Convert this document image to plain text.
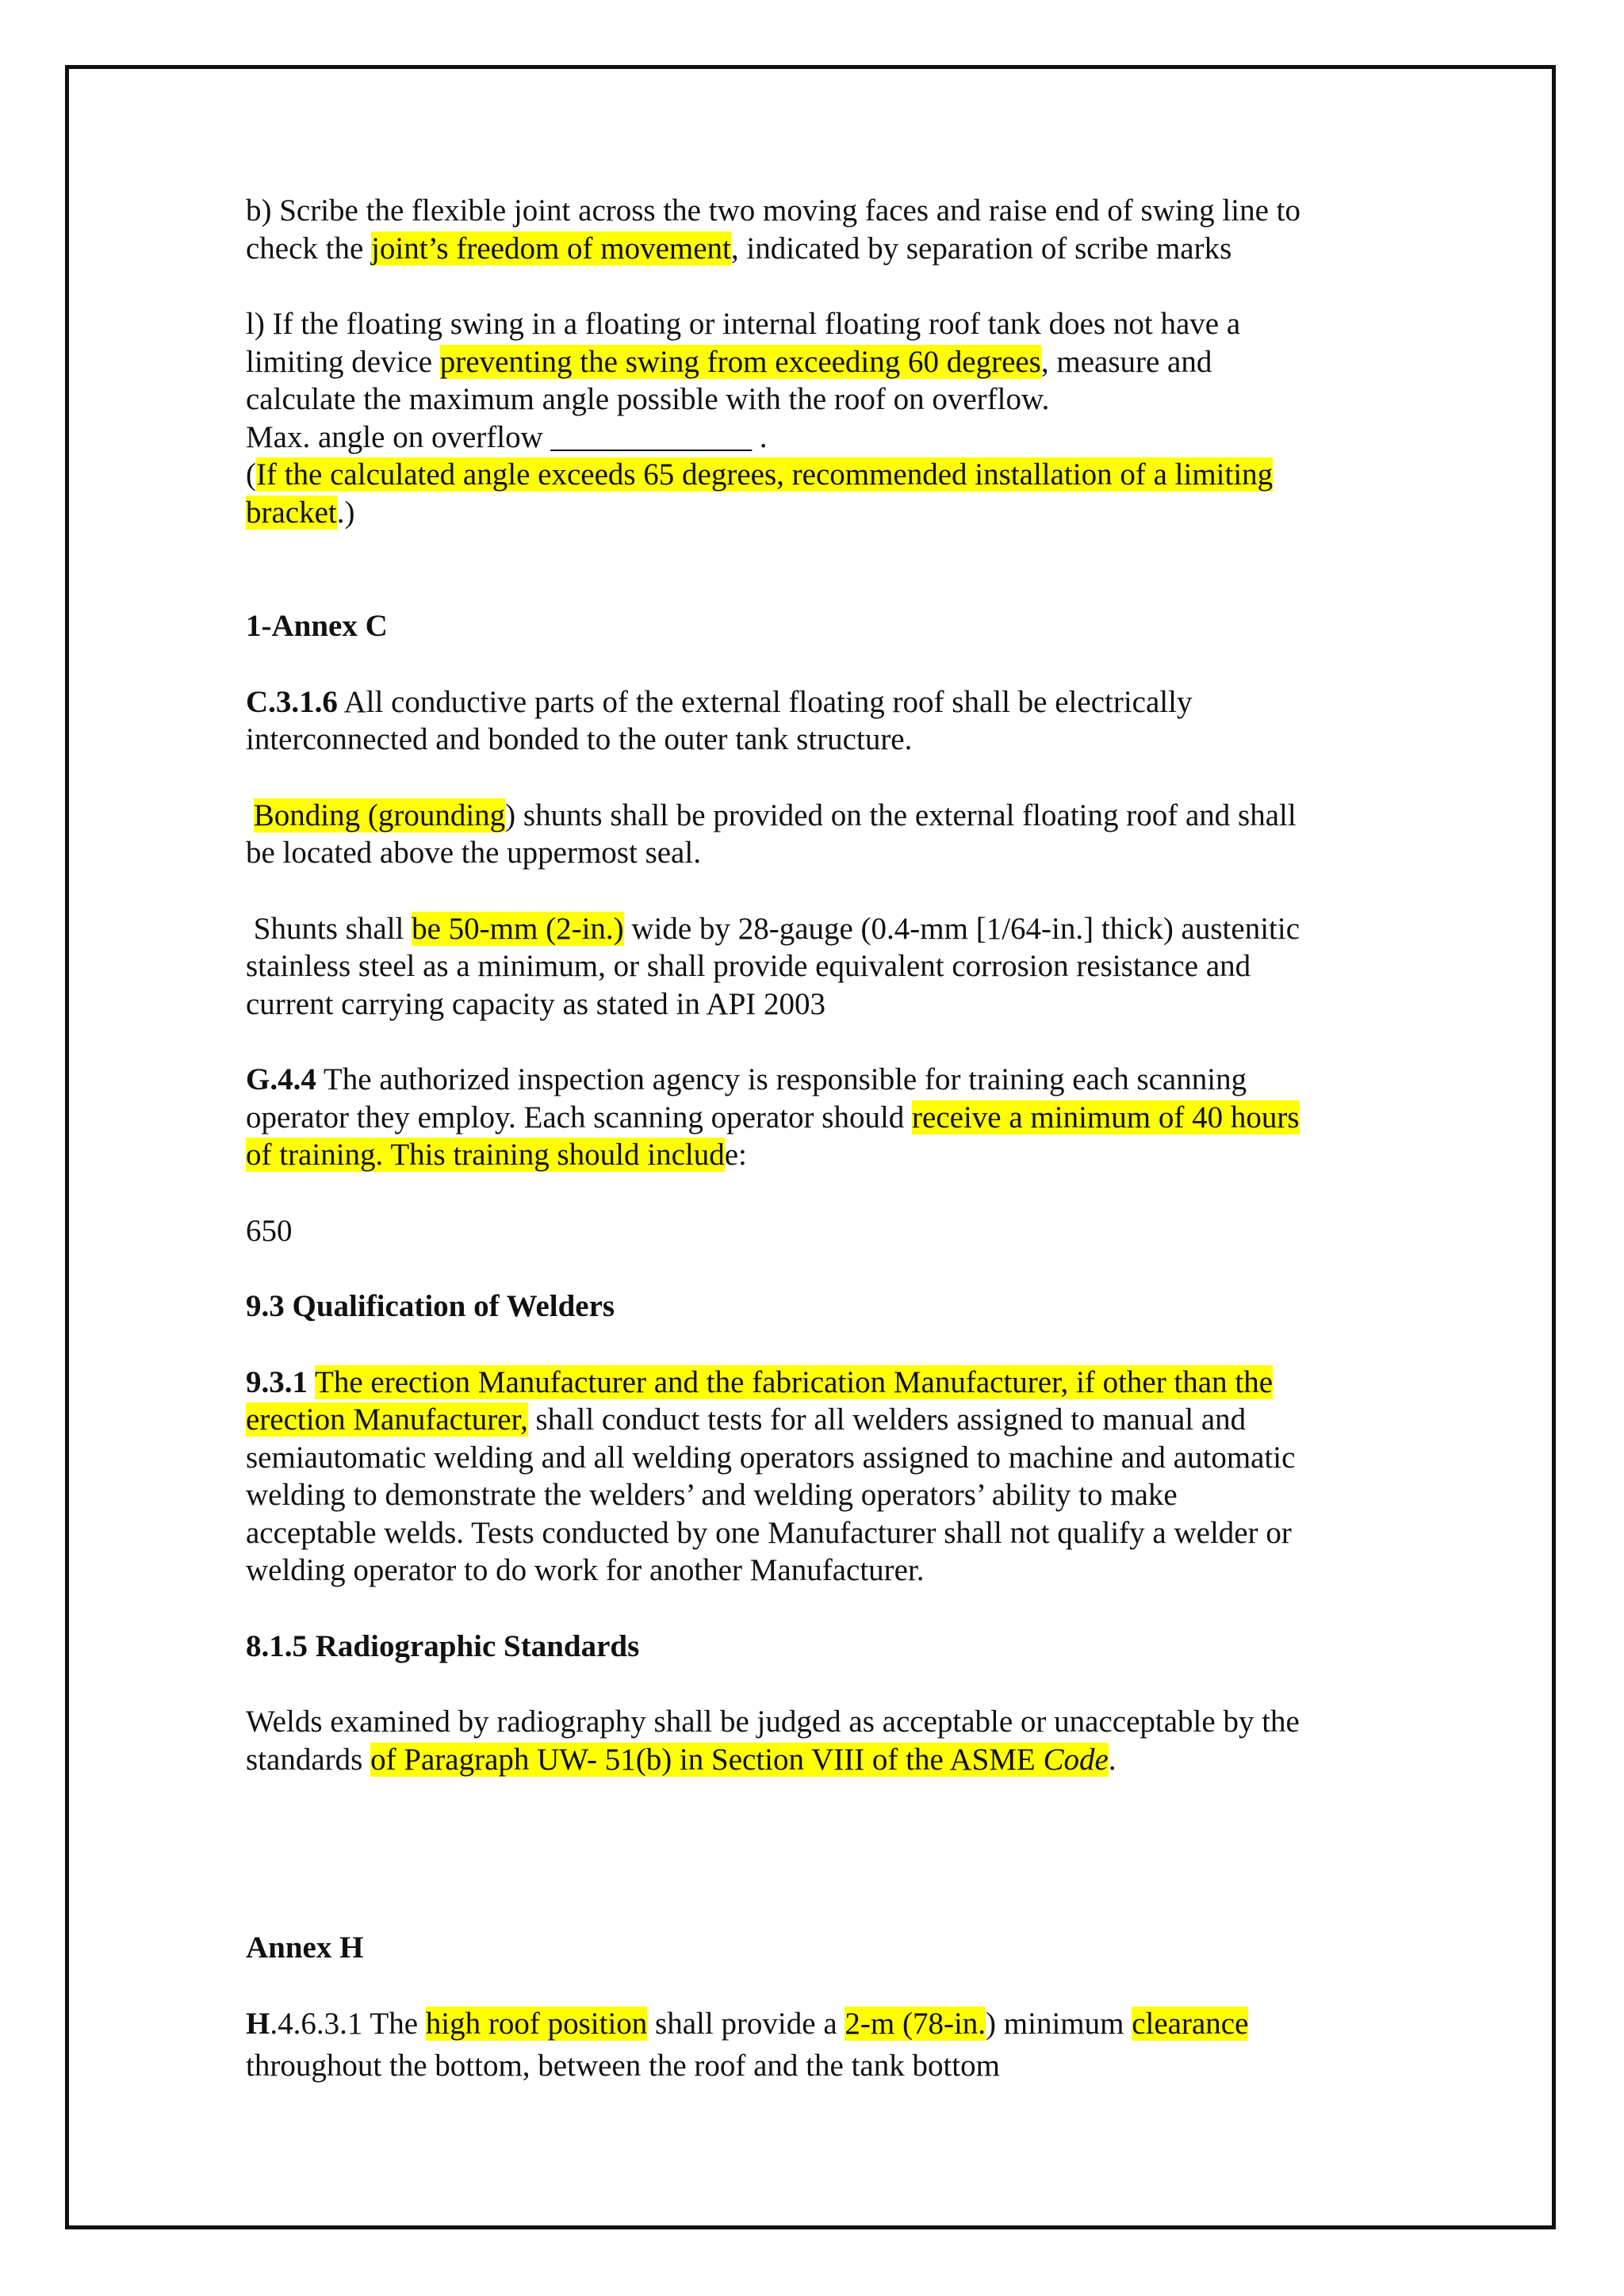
b) Scribe the flexible joint across the two moving faces and raise end of swing line to

check the joint’s freedom of movement, indicated by separation of scribe marks

l) If the floating swing in a floating or internal floating roof tank does not have a

limiting device preventing the swing from exceeding 60 degrees, measure and

calculate the maximum angle possible with the roof on overflow.

Max. angle on overflow _____________ .

(If the calculated angle exceeds 65 degrees, recommended installation of a limiting

bracket.)

1-Annex C

C.3.1.6 All conductive parts of the external floating roof shall be electrically

interconnected and bonded to the outer tank structure.

Bonding (grounding) shunts shall be provided on the external floating roof and shall

be located above the uppermost seal.

Shunts shall be 50-mm (2-in.) wide by 28-gauge (0.4-mm [1/64-in.] thick) austenitic

stainless steel as a minimum, or shall provide equivalent corrosion resistance and

current carrying capacity as stated in API 2003

G.4.4 The authorized inspection agency is responsible for training each scanning

operator they employ. Each scanning operator should receive a minimum of 40 hours

of training. This training should include:

650

9.3 Qualification of Welders

9.3.1 The erection Manufacturer and the fabrication Manufacturer, if other than the

erection Manufacturer, shall conduct tests for all welders assigned to manual and

semiautomatic welding and all welding operators assigned to machine and automatic

welding to demonstrate the welders’ and welding operators’ ability to make

acceptable welds. Tests conducted by one Manufacturer shall not qualify a welder or

welding operator to do work for another Manufacturer.

8.1.5 Radiographic Standards

Welds examined by radiography shall be judged as acceptable or unacceptable by the

standards of Paragraph UW- 51(b) in Section VIII of the ASME Code.

Annex H

H.4.6.3.1 The high roof position shall provide a 2-m (78-in.) minimum clearance

throughout the bottom, between the roof and the tank bottom
